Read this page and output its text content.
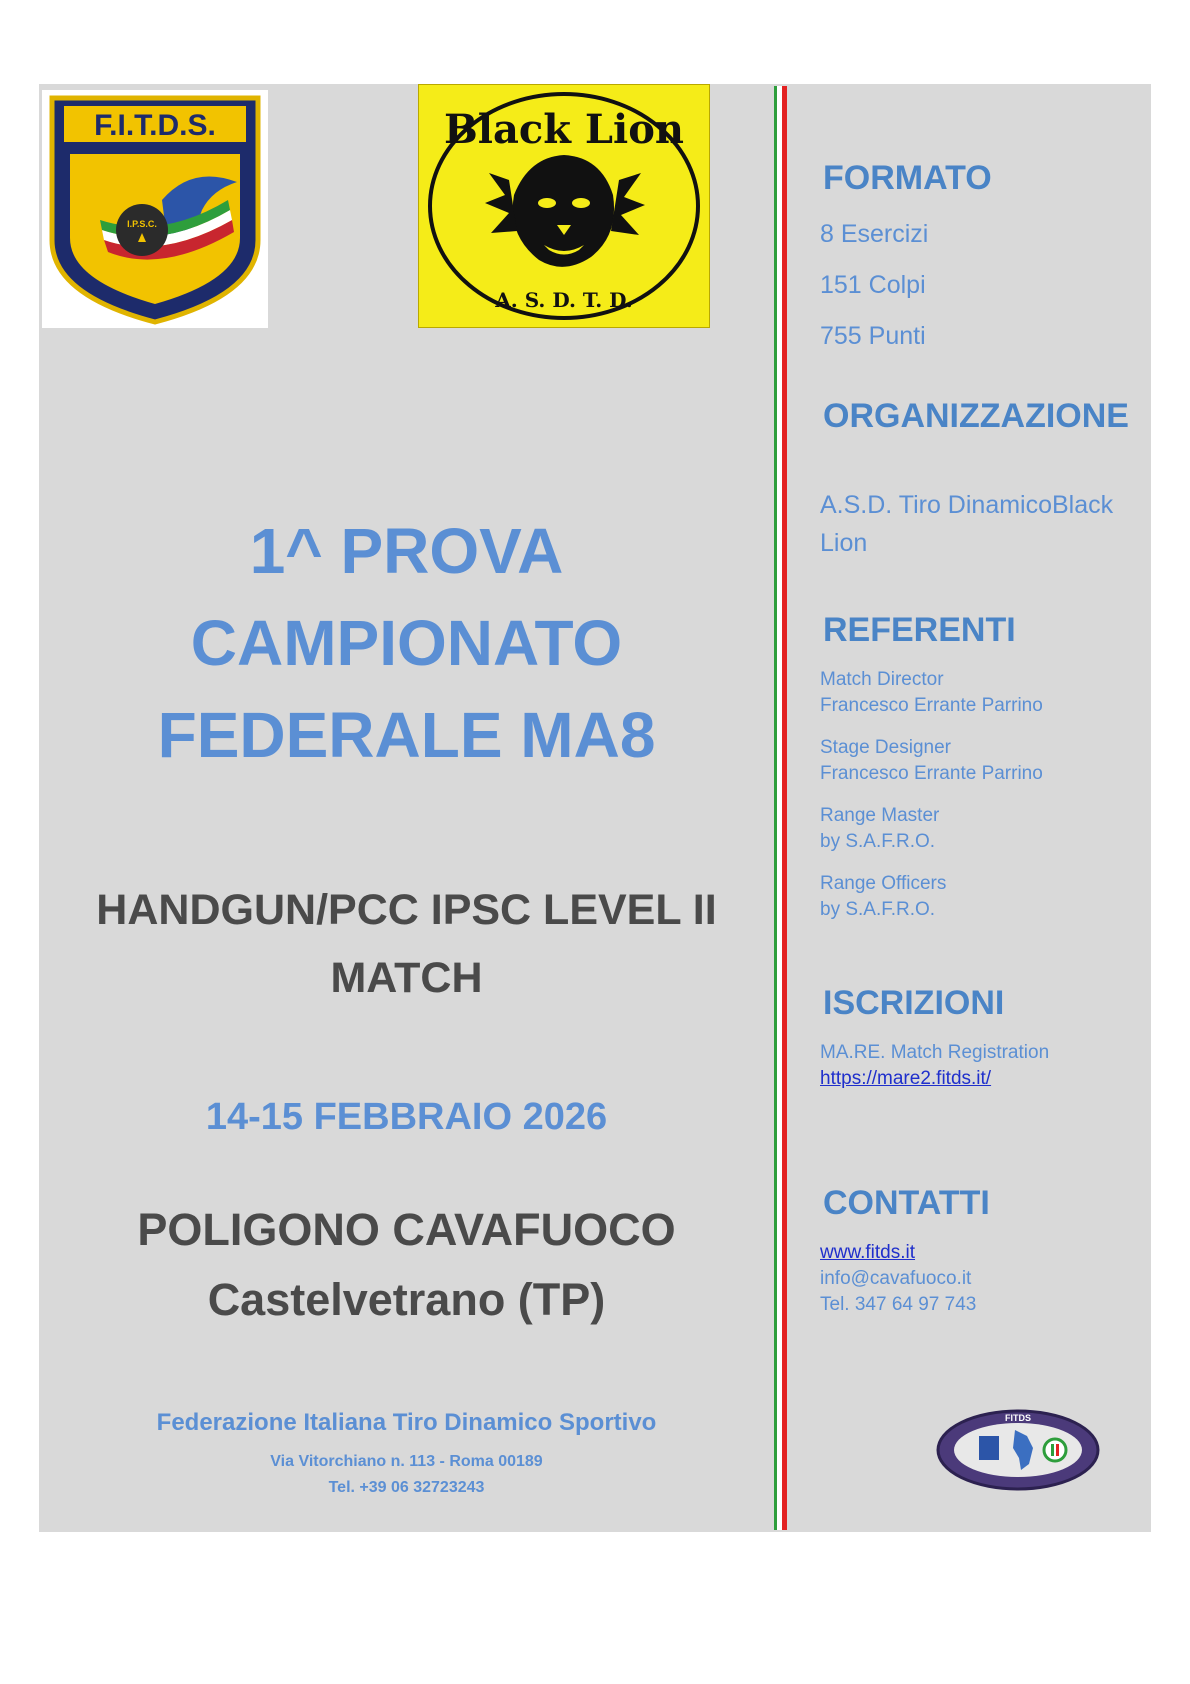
F.I.T.D.S.
I.P.S.C.
Black Lion
A. S. D. T. D.
1^ PROVA
CAMPIONATO
FEDERALE MA8
HANDGUN/PCC IPSC LEVEL II
MATCH
14-15 FEBBRAIO 2026
POLIGONO CAVAFUOCO
Castelvetrano (TP)
Federazione Italiana Tiro Dinamico Sportivo
Via Vitorchiano n. 113 - Roma 00189
Tel. +39 06 32723243
FORMATO
8 Esercizi
151 Colpi
755 Punti
ORGANIZZAZIONE
A.S.D. Tiro DinamicoBlack
Lion
REFERENTI
Match Director
Francesco Errante Parrino
Stage Designer
Francesco Errante Parrino
Range Master
by S.A.F.R.O.
Range Officers
by S.A.F.R.O.
ISCRIZIONI
MA.RE. Match Registration
https://mare2.fitds.it/
CONTATTI
www.fitds.it
info@cavafuoco.it
Tel. 347 64 97 743
FITDS
